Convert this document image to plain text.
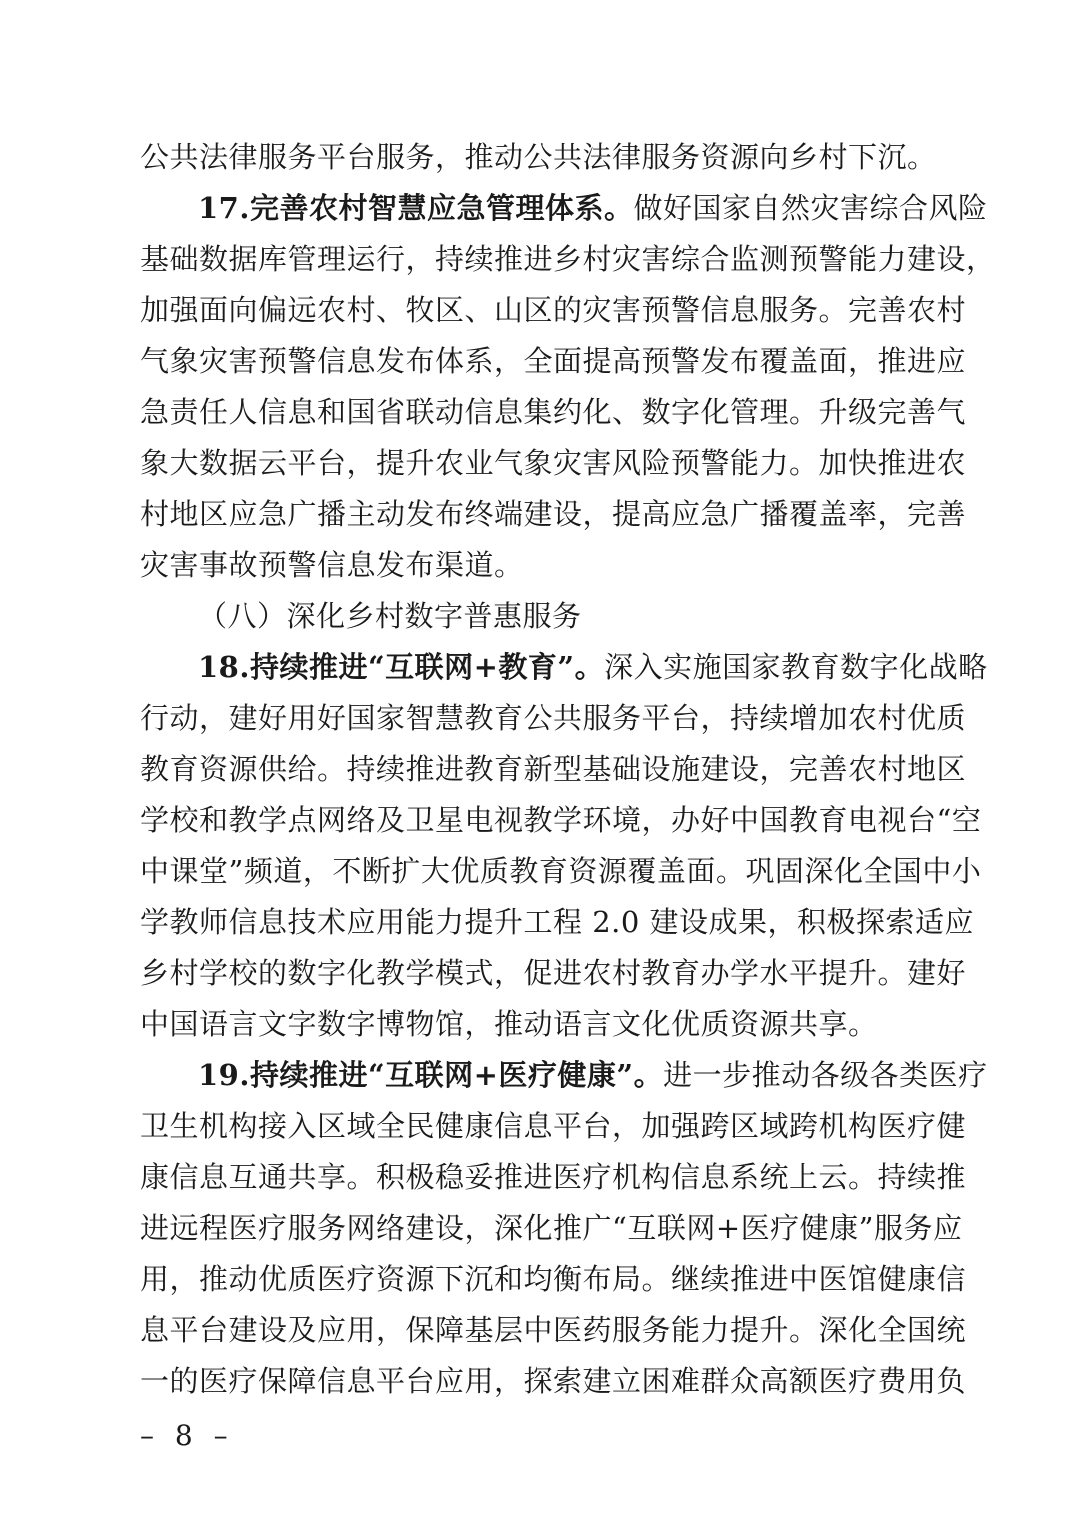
公共法律服务平台服务，推动公共法律服务资源向乡村下沉。
17.完善农村智慧应急管理体系。做好国家自然灾害综合风险
基础数据库管理运行，持续推进乡村灾害综合监测预警能力建设，
加强面向偏远农村、牧区、山区的灾害预警信息服务。完善农村
气象灾害预警信息发布体系，全面提高预警发布覆盖面，推进应
急责任人信息和国省联动信息集约化、数字化管理。升级完善气
象大数据云平台，提升农业气象灾害风险预警能力。加快推进农
村地区应急广播主动发布终端建设，提高应急广播覆盖率，完善
灾害事故预警信息发布渠道。
（八）深化乡村数字普惠服务
18.持续推进“互联网+教育”。深入实施国家教育数字化战略
行动，建好用好国家智慧教育公共服务平台，持续增加农村优质
教育资源供给。持续推进教育新型基础设施建设，完善农村地区
学校和教学点网络及卫星电视教学环境，办好中国教育电视台“空
中课堂”频道，不断扩大优质教育资源覆盖面。巩固深化全国中小
学教师信息技术应用能力提升工程 2.0 建设成果，积极探索适应
乡村学校的数字化教学模式，促进农村教育办学水平提升。建好
中国语言文字数字博物馆，推动语言文化优质资源共享。
19.持续推进“互联网+医疗健康”。进一步推动各级各类医疗
卫生机构接入区域全民健康信息平台，加强跨区域跨机构医疗健
康信息互通共享。积极稳妥推进医疗机构信息系统上云。持续推
进远程医疗服务网络建设，深化推广“互联网+医疗健康”服务应
用，推动优质医疗资源下沉和均衡布局。继续推进中医馆健康信
息平台建设及应用，保障基层中医药服务能力提升。深化全国统
一的医疗保障信息平台应用，探索建立困难群众高额医疗费用负
– 8 –
